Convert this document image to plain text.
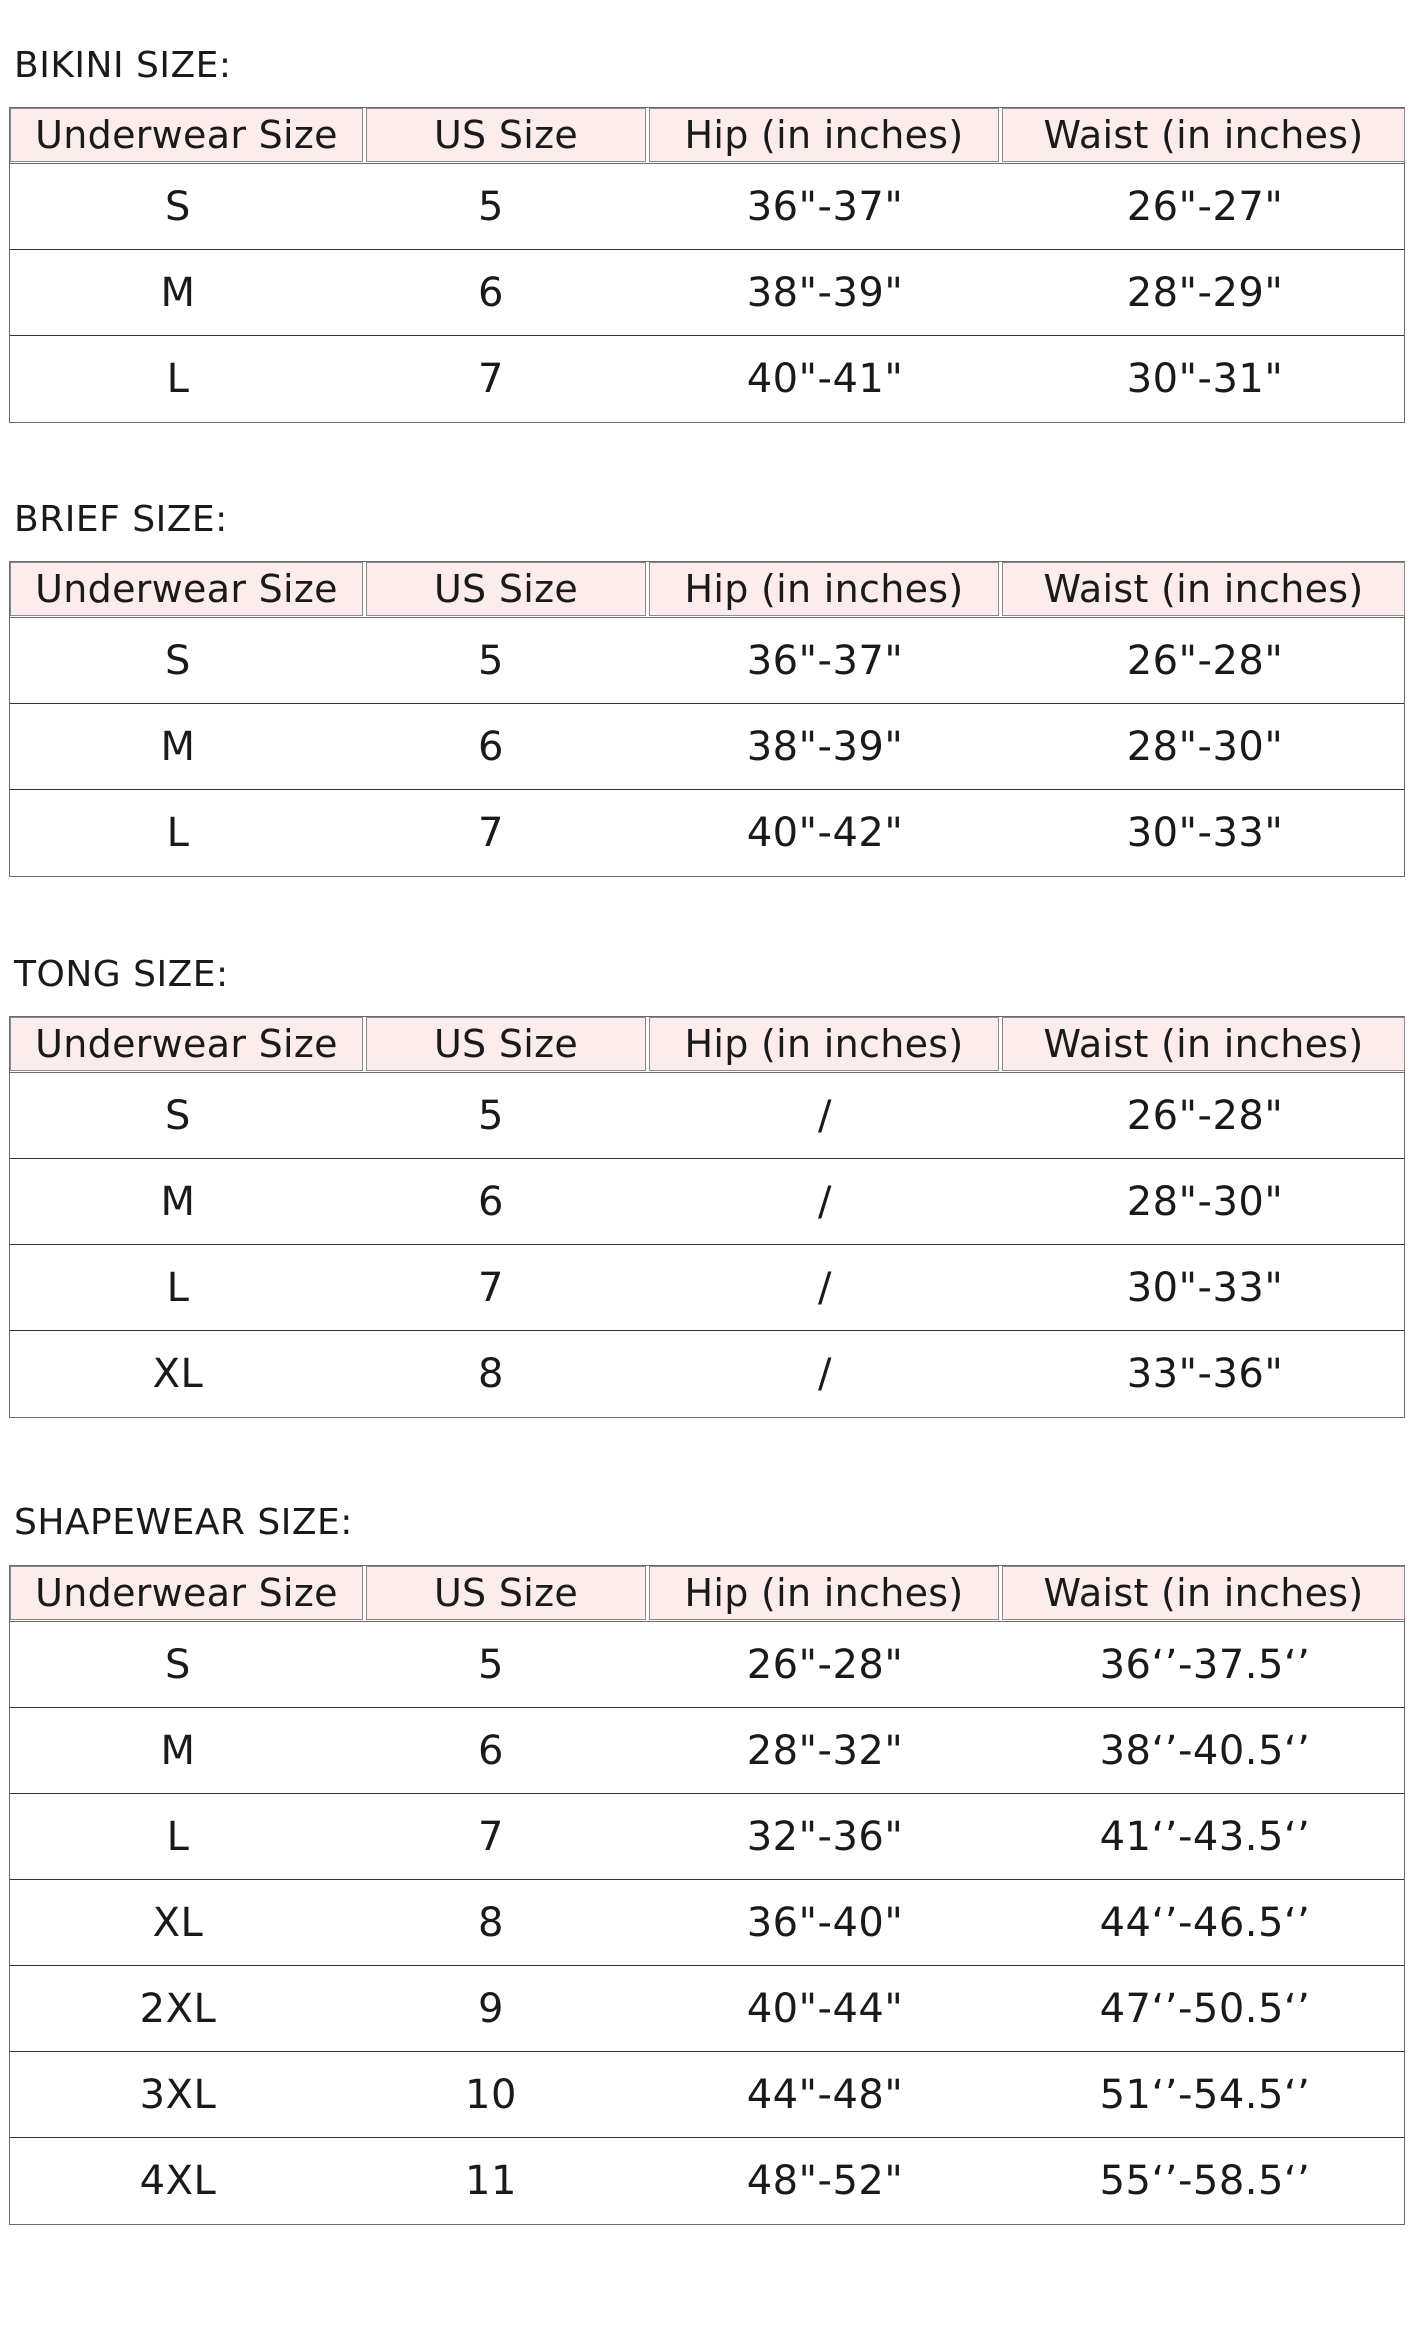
BIKINI SIZE:
Underwear Size	US Size	Hip (in inches)	Waist (in inches)
S	5	36"-37"	26"-27"
M	6	38"-39"	28"-29"
L	7	40"-41"	30"-31"
BRIEF SIZE:
Underwear Size	US Size	Hip (in inches)	Waist (in inches)
S	5	36"-37"	26"-28"
M	6	38"-39"	28"-30"
L	7	40"-42"	30"-33"
TONG SIZE:
Underwear Size	US Size	Hip (in inches)	Waist (in inches)
S	5	/	26"-28"
M	6	/	28"-30"
L	7	/	30"-33"
XL	8	/	33"-36"
SHAPEWEAR SIZE:
Underwear Size	US Size	Hip (in inches)	Waist (in inches)
S	5	26"-28"	36‘’-37.5‘’
M	6	28"-32"	38‘’-40.5‘’
L	7	32"-36"	41‘’-43.5‘’
XL	8	36"-40"	44‘’-46.5‘’
2XL	9	40"-44"	47‘’-50.5‘’
3XL	10	44"-48"	51‘’-54.5‘’
4XL	11	48"-52"	55‘’-58.5‘’
